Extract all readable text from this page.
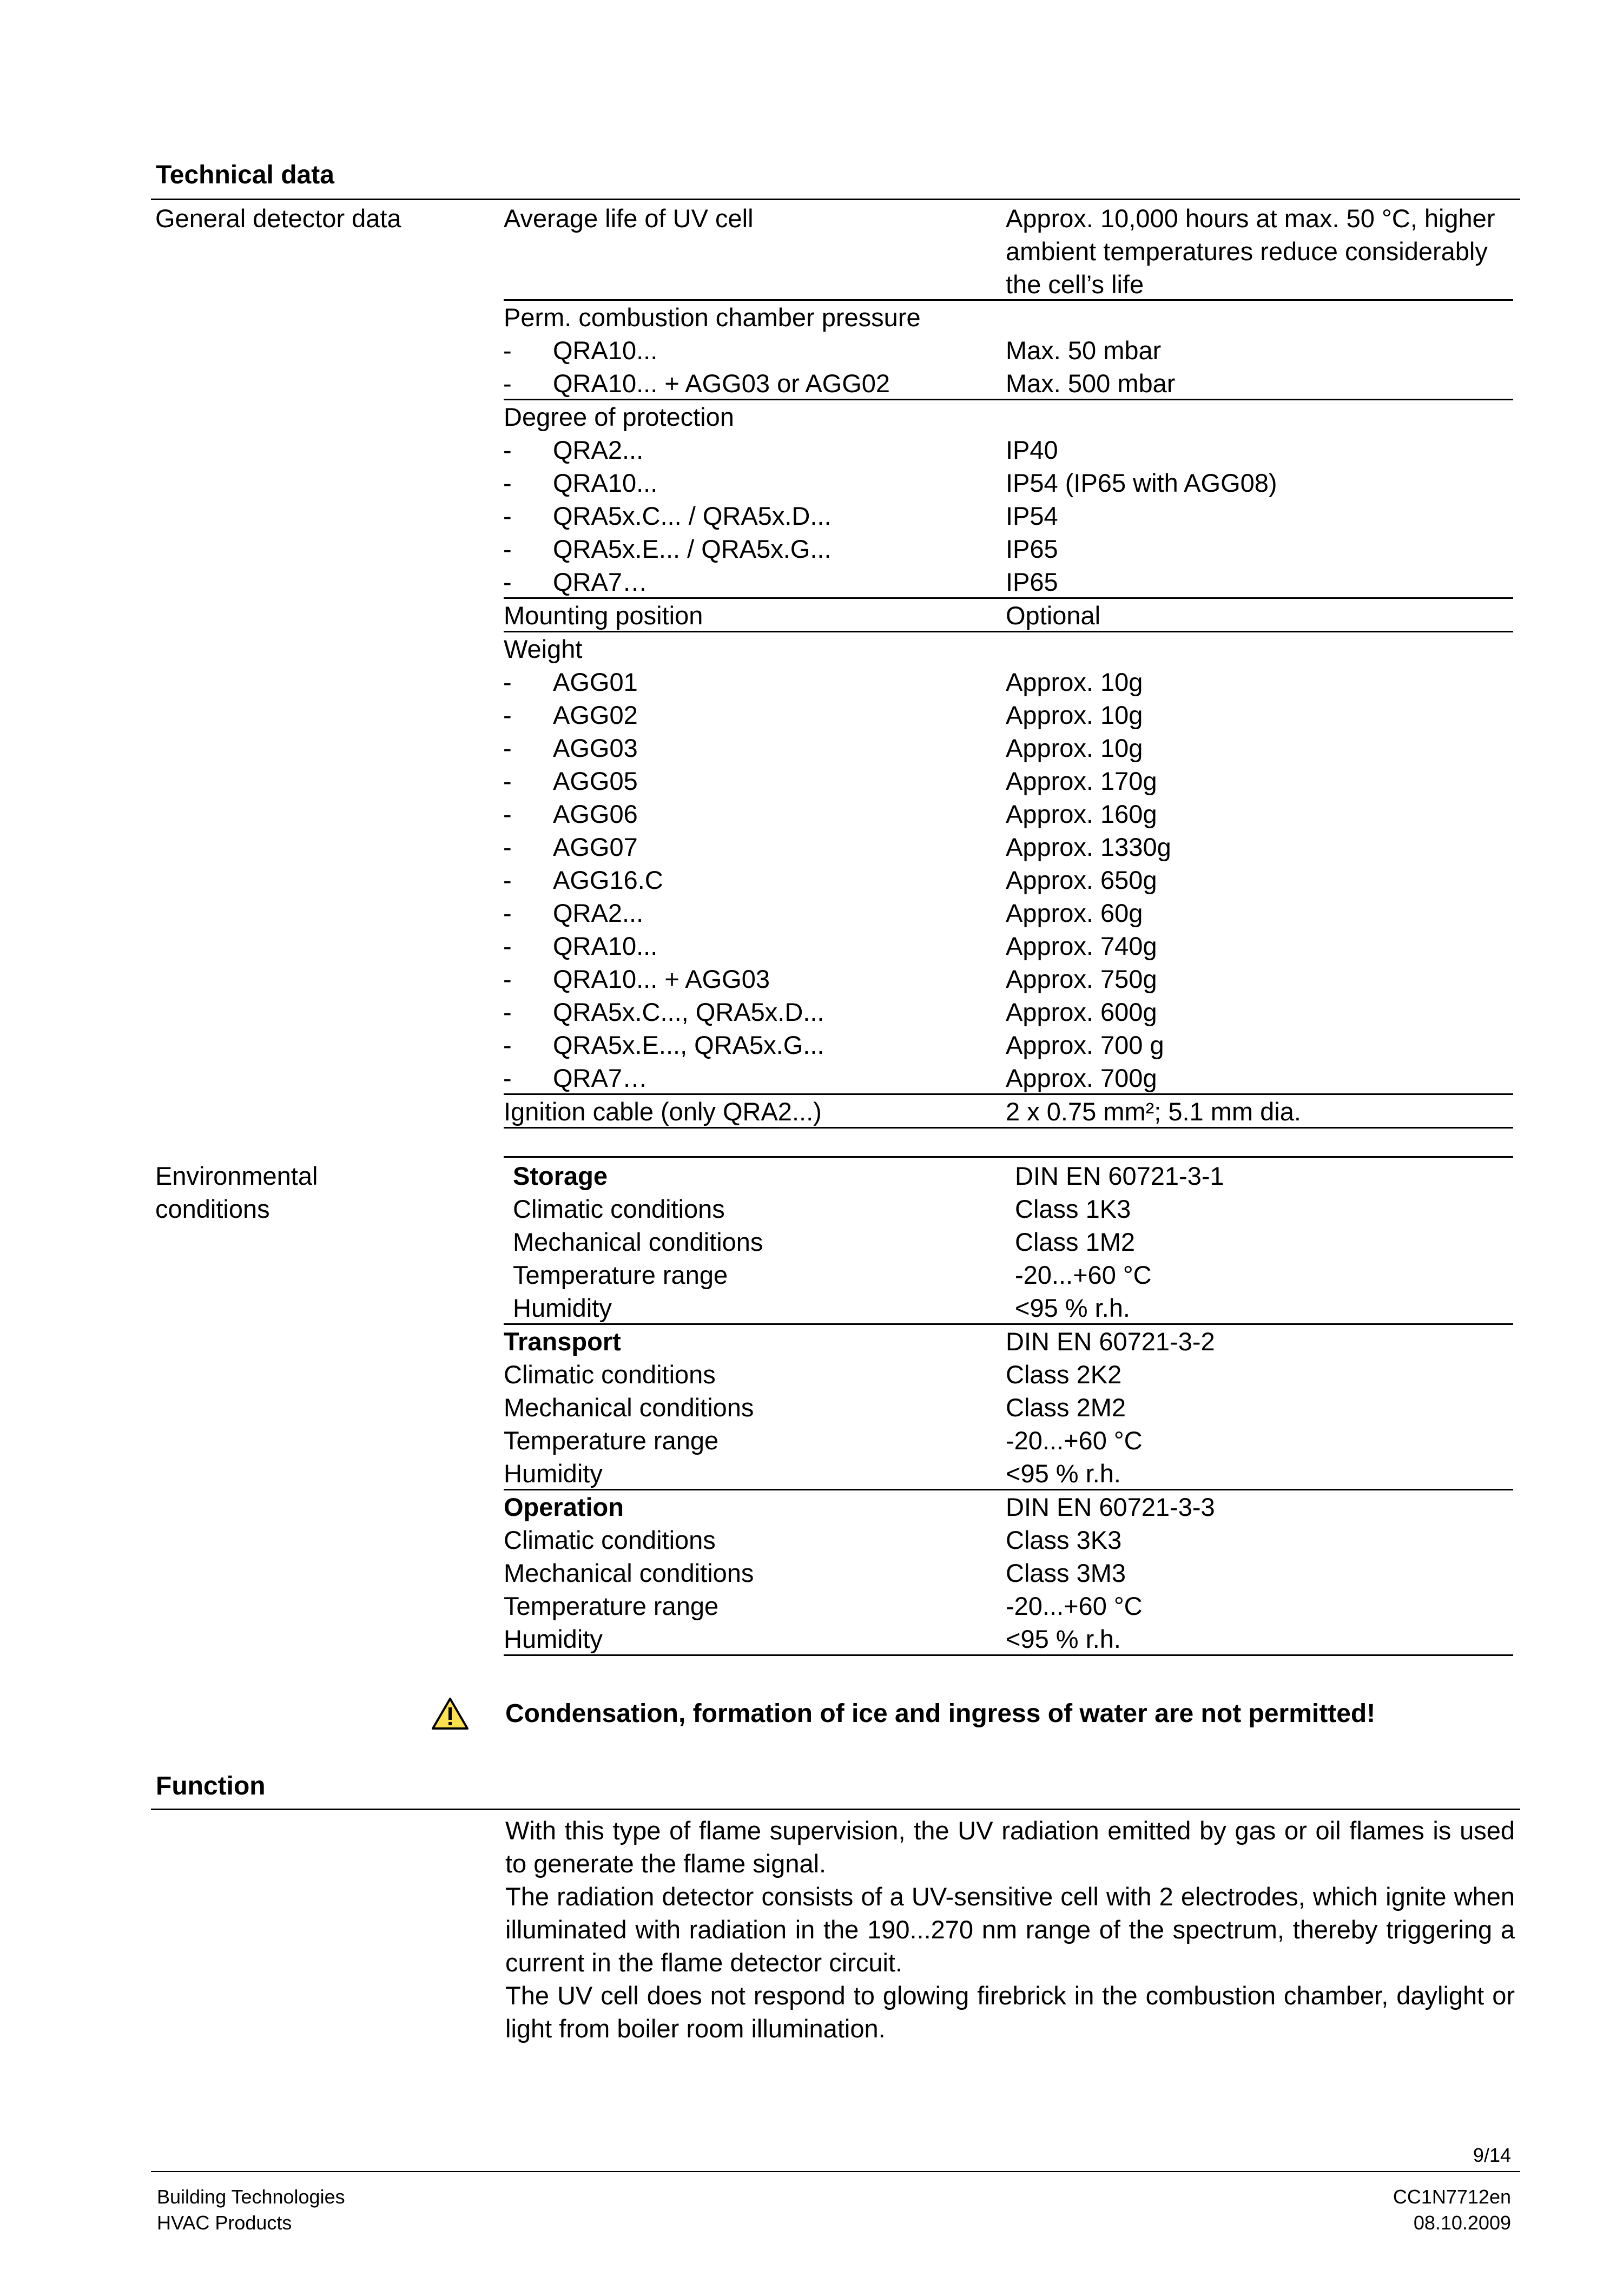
Technical data
General detector data	Average life of UV cell	Approx. 10,000 hours at max. 50 °C, higher
ambient temperatures reduce considerably
the cell’s life
Perm. combustion chamber pressure
- QRA10...	Max. 50 mbar
- QRA10... + AGG03 or AGG02	Max. 500 mbar
Degree of protection
- QRA2...	IP40
- QRA10...	IP54 (IP65 with AGG08)
- QRA5x.C... / QRA5x.D...	IP54
- QRA5x.E... / QRA5x.G...	IP65
- QRA7…	IP65
Mounting position	Optional
Weight
- AGG01	Approx. 10g
- AGG02	Approx. 10g
- AGG03	Approx. 10g
- AGG05	Approx. 170g
- AGG06	Approx. 160g
- AGG07	Approx. 1330g
- AGG16.C	Approx. 650g
- QRA2...	Approx. 60g
- QRA10...	Approx. 740g
- QRA10... + AGG03	Approx. 750g
- QRA5x.C..., QRA5x.D...	Approx. 600g
- QRA5x.E..., QRA5x.G...	Approx. 700 g
- QRA7…	Approx. 700g
Ignition cable (only QRA2...)	2 x 0.75 mm²; 5.1 mm dia.
Environmental
conditions
Storage	DIN EN 60721-3-1
Climatic conditions	Class 1K3
Mechanical conditions	Class 1M2
Temperature range	-20...+60 °C
Humidity	<95 % r.h.
Transport	DIN EN 60721-3-2
Climatic conditions	Class 2K2
Mechanical conditions	Class 2M2
Temperature range	-20...+60 °C
Humidity	<95 % r.h.
Operation	DIN EN 60721-3-3
Climatic conditions	Class 3K3
Mechanical conditions	Class 3M3
Temperature range	-20...+60 °C
Humidity	<95 % r.h.
Condensation, formation of ice and ingress of water are not permitted!
Function

With this type of flame supervision, the UV radiation emitted by gas or oil flames is used to generate the flame signal.

The radiation detector consists of a UV-sensitive cell with 2 electrodes, which ignite when illuminated with radiation in the 190...270 nm range of the spectrum, thereby triggering a current in the flame detector circuit.

The UV cell does not respond to glowing firebrick in the combustion chamber, daylight or light from boiler room illumination.

9/14
Building Technologies
HVAC Products
CC1N7712en
08.10.2009
